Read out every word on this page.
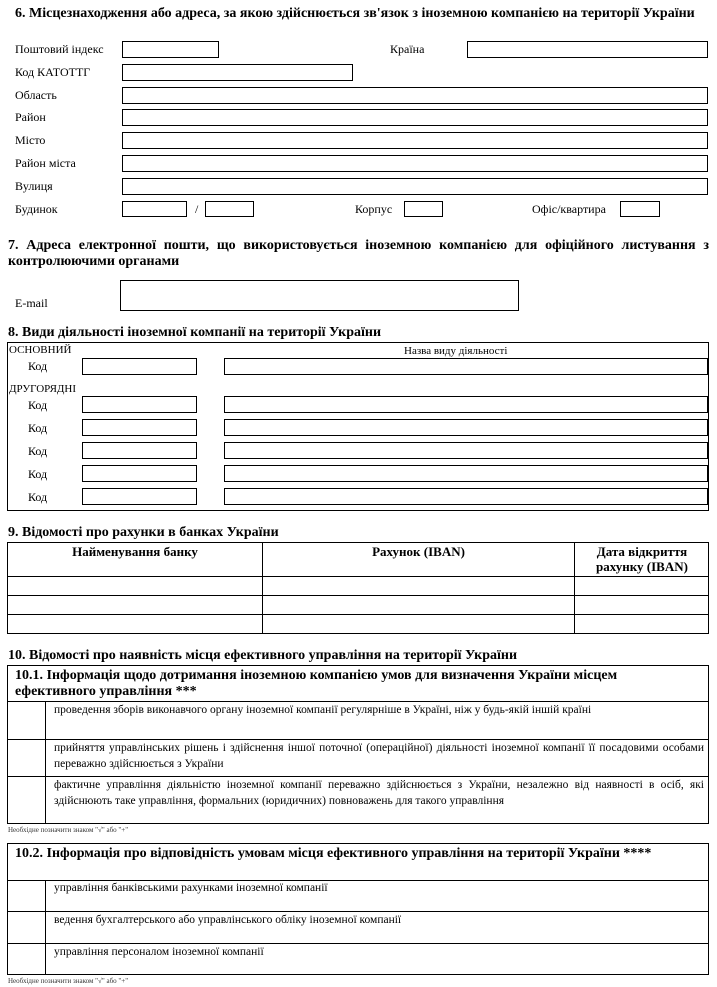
6. Місцезнаходження або адреса, за якою здійснюється зв'язок з іноземною компанією на території України
Поштовий індекс	Країна
Код КАТОТТГ
Область
Район
Місто
Район міста
Вулиця
Будинок	/	Корпус	Офіс/квартира
7. Адреса електронної пошти, що використовується іноземною компанією для офіційного листування з контролюючими органами
E-mail
8. Види діяльності іноземної компанії на території України
ОСНОВНИЙ	Назва виду діяльності
Код
ДРУГОРЯДНІ
Код
Код
Код
Код
Код
9. Відомості про рахунки в банках України
Найменування банку	Рахунок (IBAN)	Дата відкриття рахунку (IBAN)
10. Відомості про наявність місця ефективного управління на території України
10.1. Інформація щодо дотримання іноземною компанією умов для визначення України місцем ефективного управління ***
проведення зборів виконавчого органу іноземної компанії регулярніше в Україні, ніж у будь-якій іншій країні
прийняття управлінських рішень і здійснення іншої поточної (операційної) діяльності іноземної компанії її посадовими особами переважно здійснюється з України
фактичне управління діяльністю іноземної компанії переважно здійснюється з України, незалежно від наявності в осіб, які здійснюють таке управління, формальних (юридичних) повноважень для такого управління
Необхідне позначити знаком "√" або "+"
10.2. Інформація про відповідність умовам місця ефективного управління на території України ****
управління банківськими рахунками іноземної компанії
ведення бухгалтерського або управлінського обліку іноземної компанії
управління персоналом іноземної компанії
Необхідне позначити знаком "√" або "+"
